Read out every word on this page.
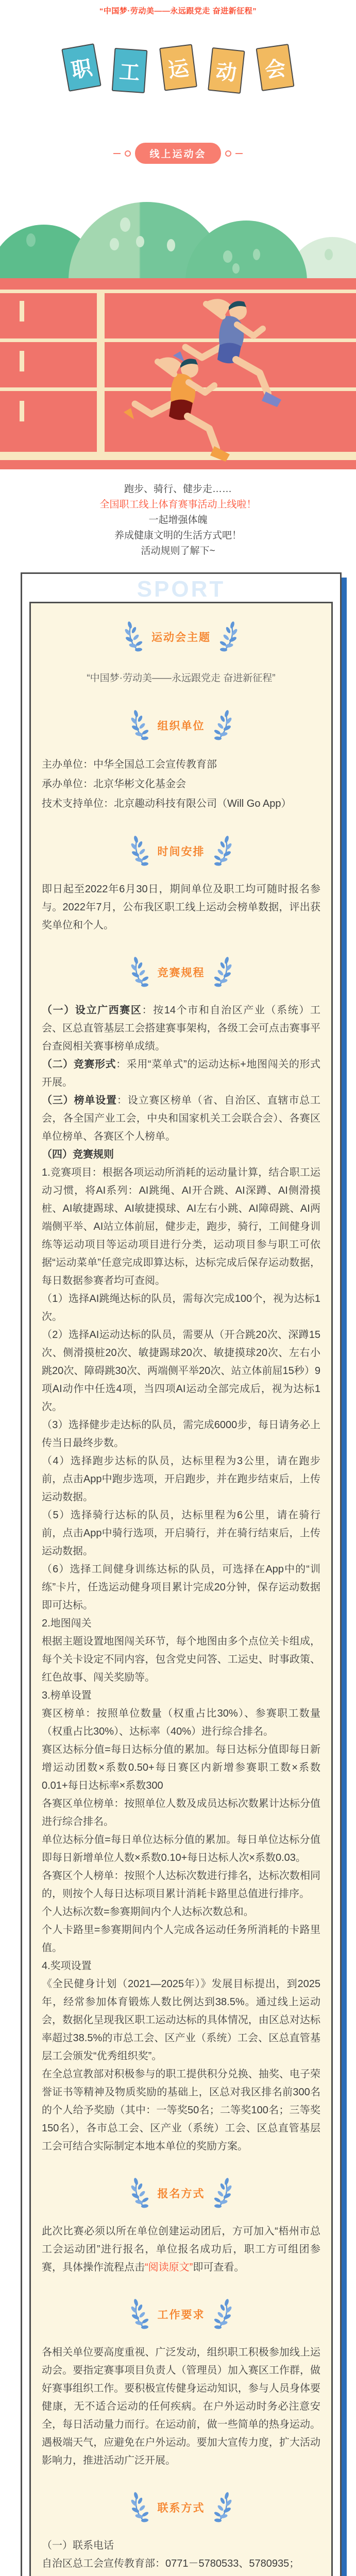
“中国梦·劳动美——永远跟党走 奋进新征程”
职	工	运	动	会
线上运动会
跑步、骑行、健步走……
全国职工线上体育赛事活动上线啦！
一起增强体魄
养成健康文明的生活方式吧！
活动规则了解下~
SPORT
运动会主题
“中国梦·劳动美——永远跟党走 奋进新征程”
组织单位

主办单位：中华全国总工会宣传教育部

承办单位：北京华彬文化基金会

技术支持单位：北京趣动科技有限公司（Will Go App）

时间安排

即日起至2022年6月30日，期间单位及职工均可随时报名参与。2022年7月，公布我区职工线上运动会榜单数据，评出获奖单位和个人。

竞赛规程

（一）设立广西赛区：按14个市和自治区产业（系统）工会、区总直管基层工会搭建赛事架构，各级工会可点击赛事平台查阅相关赛事榜单成绩。

（二）竞赛形式：采用“菜单式”的运动达标+地图闯关的形式开展。

（三）榜单设置：设立赛区榜单（省、自治区、直辖市总工会，各全国产业工会，中央和国家机关工会联合会）、各赛区单位榜单、各赛区个人榜单。

（四）竞赛规则

1.竞赛项目：根据各项运动所消耗的运动量计算，结合职工运动习惯，将AI系列：AI跳绳、AI开合跳、AI深蹲、AI侧滑摸桩、AI敏捷踢球、AI敏捷摸球、AI左右小跳、AI障碍跳、AI两端侧平举、AI站立体前屈，健步走，跑步，骑行，工间健身训练等运动项目等运动项目进行分类，运动项目参与职工可依据“运动菜单”任意完成即算达标，达标完成后保存运动数据，每日数据参赛者均可查阅。

（1）选择AI跳绳达标的队员，需每次完成100个，视为达标1次。

（2）选择AI运动达标的队员，需要从（开合跳20次、深蹲15次、侧滑摸桩20次、敏捷踢球20次、敏捷摸球20次、左右小跳20次、障碍跳30次、两端侧平举20次、站立体前屈15秒）9项AI动作中任选4项，当四项AI运动全部完成后，视为达标1次。

（3）选择健步走达标的队员，需完成6000步，每日请务必上传当日最终步数。

（4）选择跑步达标的队员，达标里程为3公里，请在跑步前，点击App中跑步选项，开启跑步，并在跑步结束后，上传运动数据。

（5）选择骑行达标的队员，达标里程为6公里，请在骑行前，点击App中骑行选项，开启骑行，并在骑行结束后，上传运动数据。

（6）选择工间健身训练达标的队员，可选择在App中的“训练”卡片，任选运动健身项目累计完成20分钟，保存运动数据即可达标。

2.地图闯关

根据主题设置地图闯关环节，每个地图由多个点位关卡组成，每个关卡设定不同内容，包含党史问答、工运史、时事政策、红色故事、闯关奖励等。

3.榜单设置

赛区榜单：按照单位数量（权重占比30%）、参赛职工数量（权重占比30%）、达标率（40%）进行综合排名。

赛区达标分值=每日达标分值的累加。每日达标分值即每日新增运动团数×系数0.50+每日赛区内新增参赛职工数×系数0.01+每日达标率×系数300

各赛区单位榜单：按照单位人数及成员达标次数累计达标分值进行综合排名。

单位达标分值=每日单位达标分值的累加。每日单位达标分值即每日新增单位人数×系数0.10+每日达标人次×系数0.03。

各赛区个人榜单：按照个人达标次数进行排名，达标次数相同的，则按个人每日达标项目累计消耗卡路里总值进行排序。

个人达标次数=参赛期间内个人达标次数总和。

个人卡路里=参赛期间内个人完成各运动任务所消耗的卡路里值。

4.奖项设置

《全民健身计划（2021—2025年）》发展目标提出，到2025年，经常参加体育锻炼人数比例达到38.5%。通过线上运动会，数据化呈现我区职工运动达标的具体情况，由区总对达标率超过38.5%的市总工会、区产业（系统）工会、区总直管基层工会颁发“优秀组织奖”。

在全总宣教部对积极参与的职工提供积分兑换、抽奖、电子荣誉证书等精神及物质奖励的基础上，区总对我区排名前300名的个人给予奖励（其中：一等奖50名；二等奖100名；三等奖150名），各市总工会、区产业（系统）工会、区总直管基层工会可结合实际制定本地本单位的奖励方案。

报名方式

此次比赛必须以所在单位创建运动团后，方可加入“梧州市总工会运动团”进行报名，单位报名成功后，职工方可组团参赛，具体操作流程点击“阅读原文”即可查看。

工作要求

各相关单位要高度重视、广泛发动，组织职工积极参加线上运动会。要指定赛事项目负责人（管理员）加入赛区工作群，做好赛事组织工作。要积极宣传健身运动知识，参与人员身体要健康，无不适合运动的任何疾病。在户外运动时务必注意安全，每日活动量力而行。在运动前，做一些简单的热身运动。遇极端天气，应避免在户外运动。要加大宣传力度，扩大活动影响力，推进活动广泛开展。

联系方式

（一）联系电话

自治区总工会宣传教育部：0771－5780533、5780935；
